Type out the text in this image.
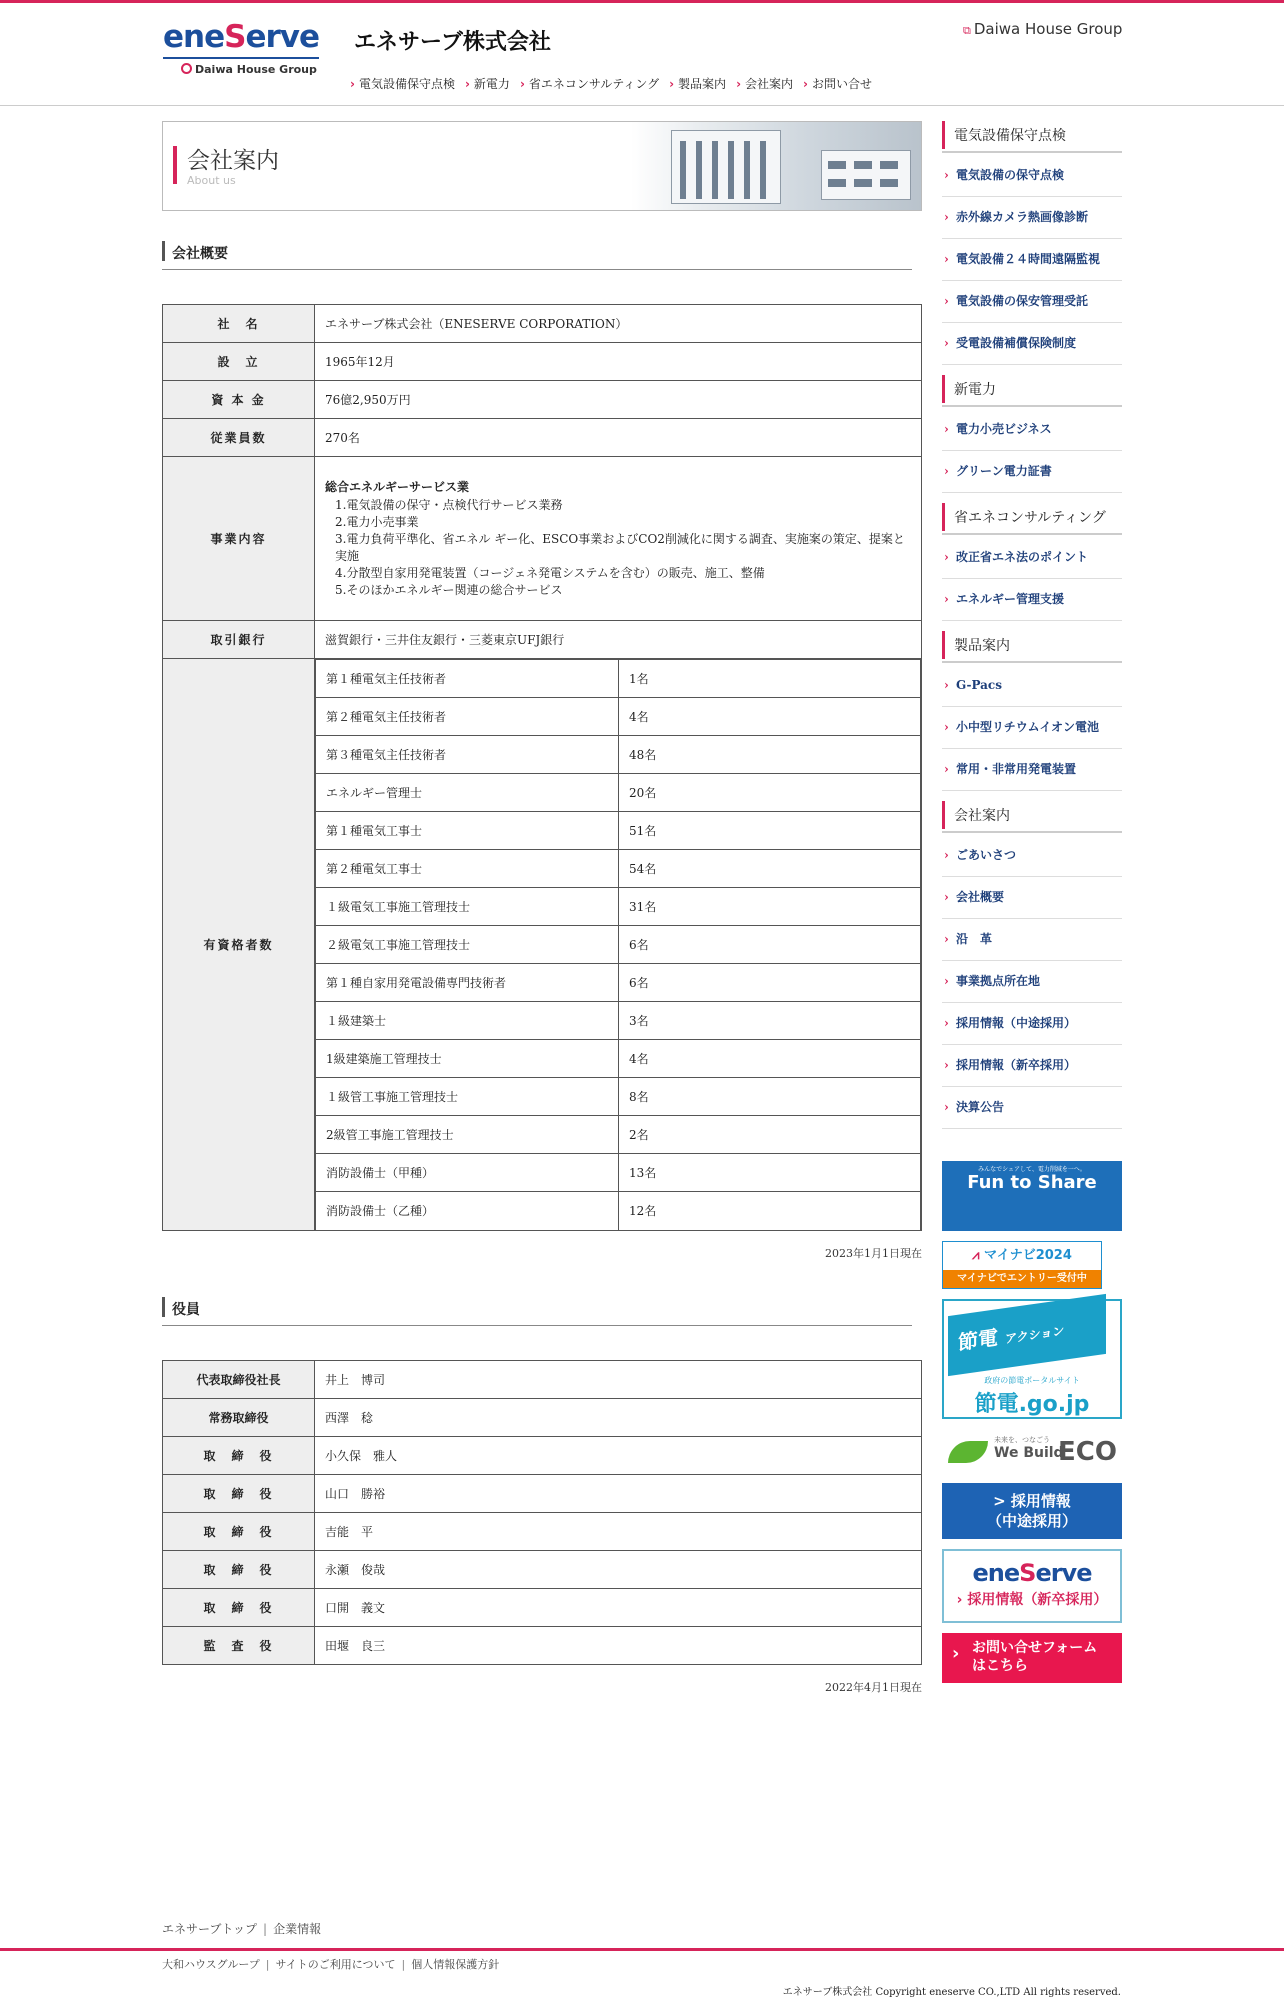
eneServe
Daiwa House Group
エネサーブ株式会社	⧉ Daiwa House Group
› 電気設備保守点検	› 新電力	› 省エネコンサルティング	› 製品案内	› 会社案内	› お問い合せ
会社案内
About us
会社概要
社　名	エネサーブ株式会社（ENESERVE CORPORATION）
設　立	1965年12月
資 本 金	76億2,950万円
従業員数	270名
事業内容	
総合エネルギーサービス業
1.電気設備の保守・点検代行サービス業務
2.電力小売事業
3.電力負荷平準化、省エネル ギー化、ESCO事業およびCO2削減化に関する調査、実施案の策定、提案と実施
4.分散型自家用発電装置（コージェネ発電システムを含む）の販売、施工、整備
5.そのほかエネルギー関連の総合サービス

取引銀行	滋賀銀行・三井住友銀行・三菱東京UFJ銀行
有資格者数	
第１種電気主任技術者	1名
第２種電気主任技術者	4名
第３種電気主任技術者	48名
エネルギー管理士	20名
第１種電気工事士	51名
第２種電気工事士	54名
１級電気工事施工管理技士	31名
２級電気工事施工管理技士	6名
第１種自家用発電設備専門技術者	6名
１級建築士	3名
1級建築施工管理技士	4名
１級管工事施工管理技士	8名
2級管工事施工管理技士	2名
消防設備士（甲種）	13名
消防設備士（乙種）	12名
2023年1月1日現在
役員
代表取締役社長	井上　博司
常務取締役	西澤　稔
取　締　役	小久保　雅人
取　締　役	山口　勝裕
取　締　役	吉能　平
取　締　役	永瀬　俊哉
取　締　役	口開　義文
監　査　役	田堰　良三
2022年4月1日現在
電気設備保守点検
› 電気設備の保守点検
› 赤外線カメラ熱画像診断
› 電気設備２４時間遠隔監視
› 電気設備の保安管理受託
› 受電設備補償保険制度
新電力
› 電力小売ビジネス
› グリーン電力証書
省エネコンサルティング
› 改正省エネ法のポイント
› エネルギー管理支援
製品案内
› G-Pacs
› 小中型リチウムイオン電池
› 常用・非常用発電装置
会社案内
› ごあいさつ
› 会社概要
› 沿　革
› 事業拠点所在地
› 採用情報（中途採用）
› 採用情報（新卒採用）
› 決算公告
みんなでシェアして、電力削減を一へ。
Fun to Share
⩘ マイナビ2024
マイナビでエントリー受付中
節電 アクション
政府の節電ポータルサイト
節電.go.jp
未来を、つなごう
We Build
ECO
> 採用情報
（中途採用）
eneServe
› 採用情報（新卒採用）
› お問い合せフォーム
はこちら
エネサーブトップ | 企業情報
大和ハウスグループ | サイトのご利用について | 個人情報保護方針
エネサーブ株式会社 Copyright eneserve CO.,LTD All rights reserved.
